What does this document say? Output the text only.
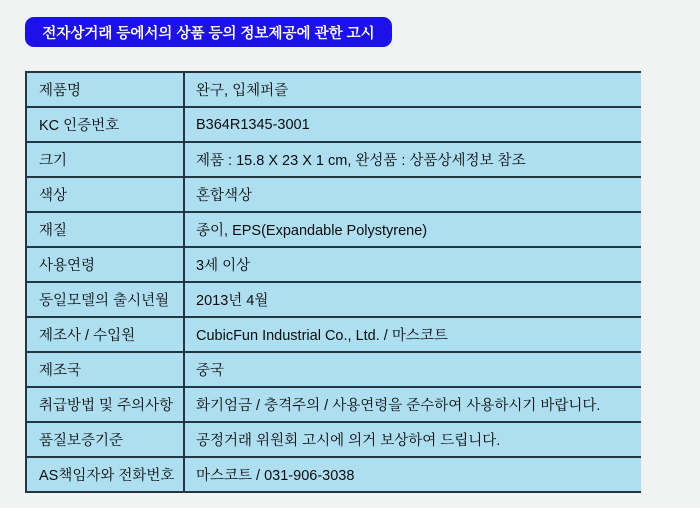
전자상거래 등에서의 상품 등의 정보제공에 관한 고시
제품명	완구, 입체퍼즐
KC 인증번호	B364R1345-3001
크기	제품 : 15.8 X 23 X 1 cm, 완성품 : 상품상세정보 참조
색상	혼합색상
재질	종이, EPS(Expandable Polystyrene)
사용연령	3세 이상
동일모델의 출시년월	2013년 4월
제조사 / 수입원	CubicFun Industrial Co., Ltd. / 마스코트
제조국	중국
취급방법 및 주의사항	화기엄금 / 충격주의 / 사용연령을 준수하여 사용하시기 바랍니다.
품질보증기준	공정거래 위원회 고시에 의거 보상하여 드립니다.
AS책임자와 전화번호	마스코트 / 031-906-3038
